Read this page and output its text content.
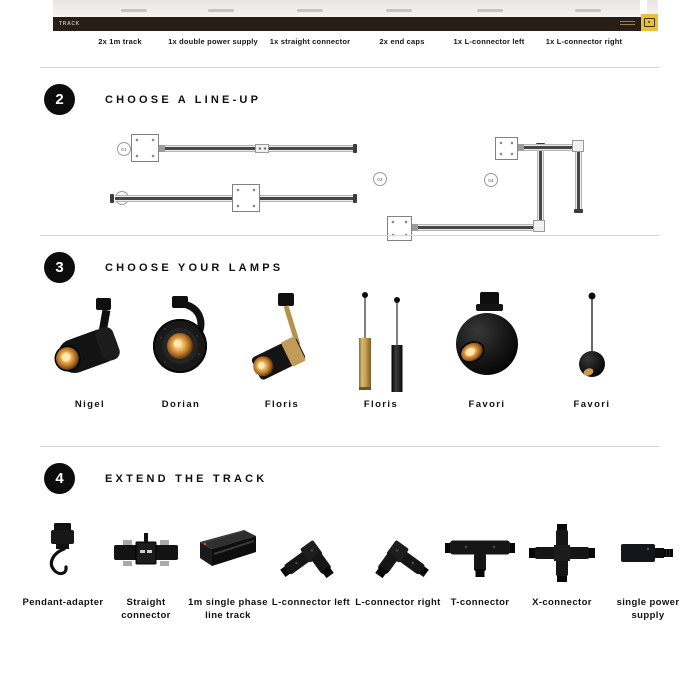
TRACK
2x 1m track	1x double power supply	1x straight connector	2x end caps	1x L-connector left	1x L-connector right
2	CHOOSE A LINE-UP
01
03	04
3	CHOOSE YOUR LAMPS
Nigel	Dorian	Floris	Floris	Favori	Favori
4	EXTEND THE TRACK
Pendant-adapter	Straight connector
1m single phase line track
L-connector left L-connector right	T-connector	X-connector	single power supply
